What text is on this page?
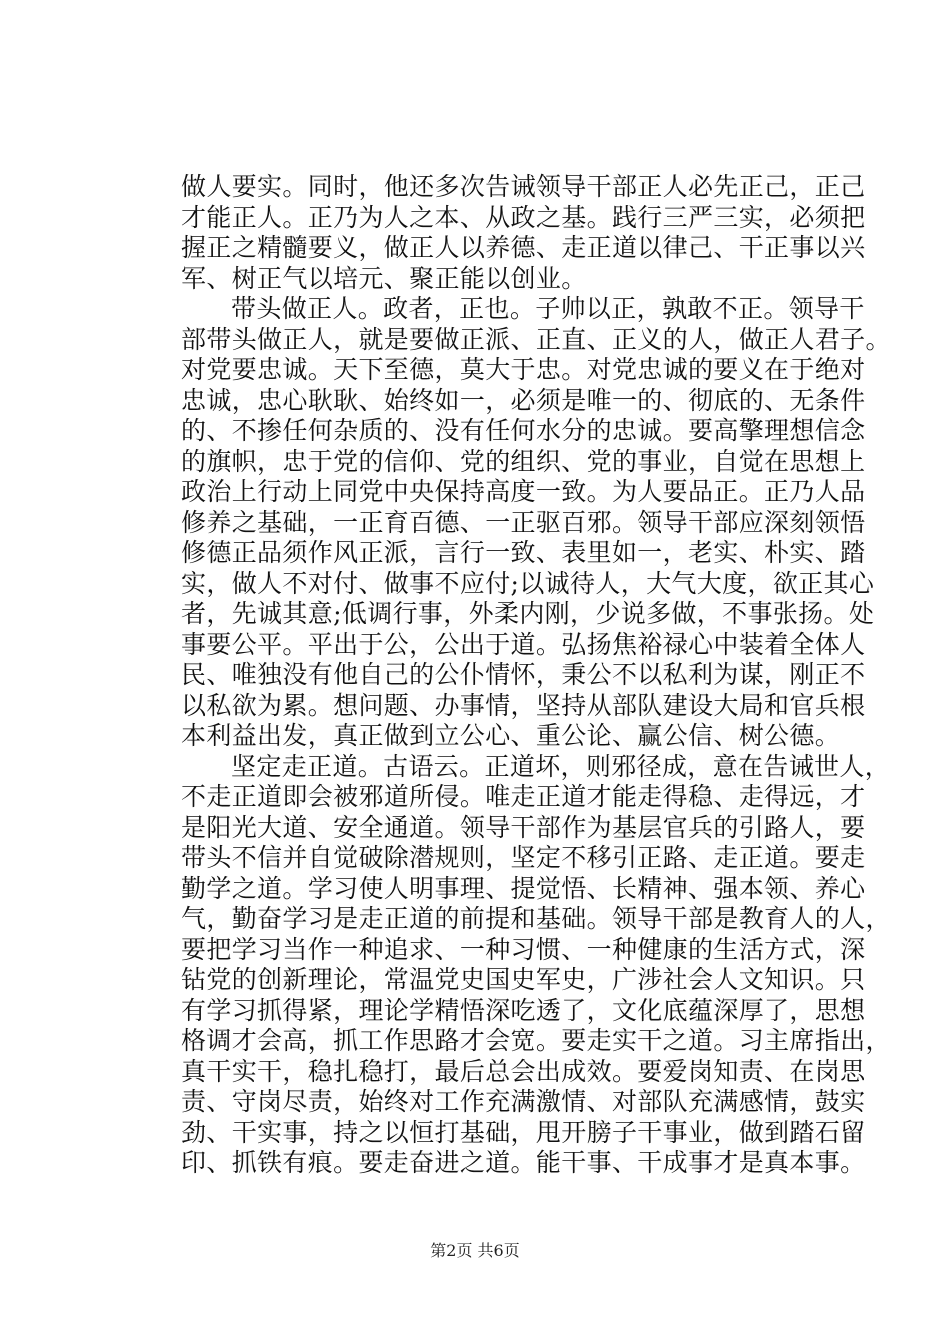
做人要实。同时，他还多次告诫领导干部正人必先正己，正己
才能正人。正乃为人之本、从政之基。践行三严三实，必须把
握正之精髓要义，做正人以养德、走正道以律己、干正事以兴
军、树正气以培元、聚正能以创业。
带头做正人。政者，正也。子帅以正，孰敢不正。领导干
部带头做正人，就是要做正派、正直、正义的人，做正人君子。
对党要忠诚。天下至德，莫大于忠。对党忠诚的要义在于绝对
忠诚，忠心耿耿、始终如一，必须是唯一的、彻底的、无条件
的、不掺任何杂质的、没有任何水分的忠诚。要高擎理想信念
的旗帜，忠于党的信仰、党的组织、党的事业，自觉在思想上
政治上行动上同党中央保持高度一致。为人要品正。正乃人品
修养之基础，一正育百德、一正驱百邪。领导干部应深刻领悟
修德正品须作风正派，言行一致、表里如一，老实、朴实、踏
实，做人不对付、做事不应付;以诚待人，大气大度，欲正其心
者，先诚其意;低调行事，外柔内刚，少说多做，不事张扬。处
事要公平。平出于公，公出于道。弘扬焦裕禄心中装着全体人
民、唯独没有他自己的公仆情怀，秉公不以私利为谋，刚正不
以私欲为累。想问题、办事情，坚持从部队建设大局和官兵根
本利益出发，真正做到立公心、重公论、赢公信、树公德。
坚定走正道。古语云。正道坏，则邪径成，意在告诫世人，
不走正道即会被邪道所侵。唯走正道才能走得稳、走得远，才
是阳光大道、安全通道。领导干部作为基层官兵的引路人，要
带头不信并自觉破除潜规则，坚定不移引正路、走正道。要走
勤学之道。学习使人明事理、提觉悟、长精神、强本领、养心
气，勤奋学习是走正道的前提和基础。领导干部是教育人的人，
要把学习当作一种追求、一种习惯、一种健康的生活方式，深
钻党的创新理论，常温党史国史军史，广涉社会人文知识。只
有学习抓得紧，理论学精悟深吃透了，文化底蕴深厚了，思想
格调才会高，抓工作思路才会宽。要走实干之道。习主席指出，
真干实干，稳扎稳打，最后总会出成效。要爱岗知责、在岗思
责、守岗尽责，始终对工作充满激情、对部队充满感情，鼓实
劲、干实事，持之以恒打基础，甩开膀子干事业，做到踏石留
印、抓铁有痕。要走奋进之道。能干事、干成事才是真本事。
第2页 共6页
